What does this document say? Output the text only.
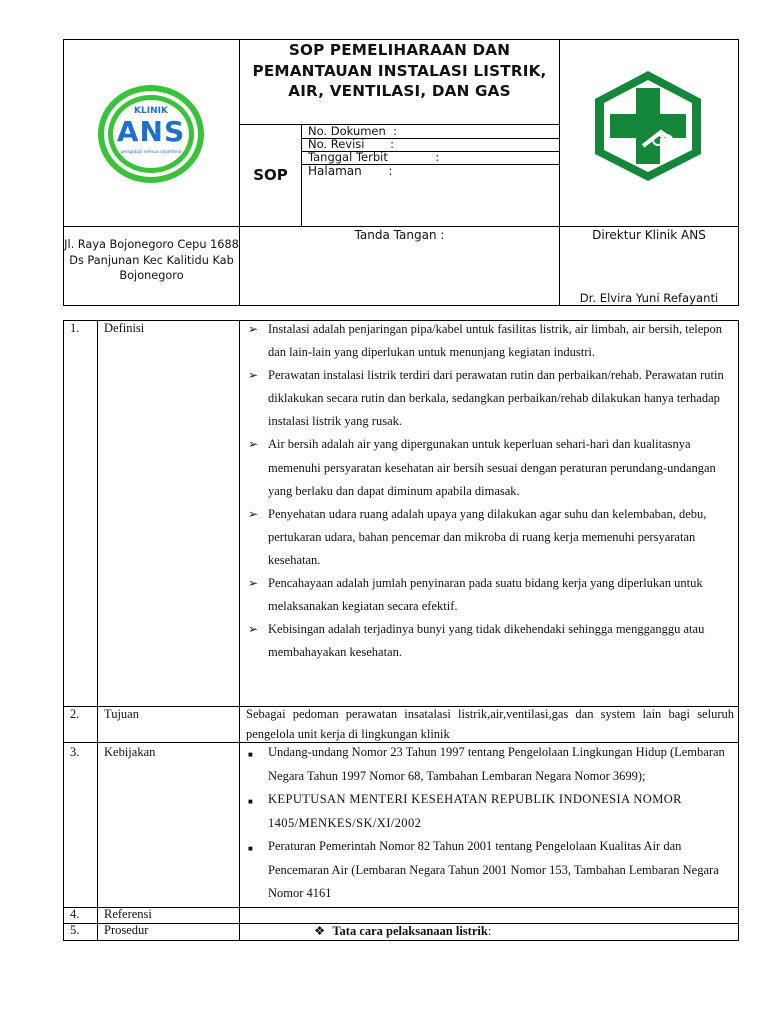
KLINIK
ANS
pengobat semua sejahtera
SOP PEMELIHARAAN DAN PEMANTAUAN INSTALASI LISTRIK, AIR, VENTILASI, DAN GAS
SOP
No. Dokumen  :
No. Revisi       :
Tanggal Terbit             :
Halaman       :
Jl. Raya Bojonegoro Cepu 1688 Ds Panjunan Kec Kalitidu Kab Bojonegoro
Tanda Tangan :	Direktur Klinik ANS
Dr. Elvira Yuni Refayanti
1.	Definisi	➢ Instalasi adalah penjaringan pipa/kabel untuk fasilitas listrik, air limbah, air bersih, telepon dan lain-lain yang diperlukan untuk menunjang kegiatan industri.

➢ Perawatan instalasi listrik terdiri dari perawatan rutin dan perbaikan/rehab. Perawatan rutin diklakukan secara rutin dan berkala, sedangkan perbaikan/rehab dilakukan hanya terhadap instalasi listrik yang rusak.

➢ Air bersih adalah air yang dipergunakan untuk keperluan sehari-hari dan kualitasnya memenuhi persyaratan kesehatan air bersih sesuai dengan peraturan perundang-undangan yang berlaku dan dapat diminum apabila dimasak.

➢ Penyehatan udara ruang adalah upaya yang dilakukan agar suhu dan kelembaban, debu, pertukaran udara, bahan pencemar dan mikroba di ruang kerja memenuhi persyaratan kesehatan.

➢ Pencahayaan adalah jumlah penyinaran pada suatu bidang kerja yang diperlukan untuk melaksanakan kegiatan secara efektif.

➢ Kebisingan adalah terjadinya bunyi yang tidak dikehendaki sehingga mengganggu atau membahayakan kesehatan.

2.	Tujuan	Sebagai pedoman perawatan insatalasi listrik,air,ventilasi,gas dan system lain bagi seluruh pengelola unit kerja di lingkungan klinik
3.	Kebijakan	■ Undang-undang Nomor 23 Tahun 1997 tentang Pengelolaan Lingkungan Hidup (Lembaran Negara Tahun 1997 Nomor 68, Tambahan Lembaran Negara Nomor 3699);

■ KEPUTUSAN MENTERI KESEHATAN REPUBLIK INDONESIA NOMOR 1405/MENKES/SK/XI/2002

■ Peraturan Pemerintah Nomor 82 Tahun 2001 tentang Pengelolaan Kualitas Air dan Pencemaran Air (Lembaran Negara Tahun 2001 Nomor 153, Tambahan Lembaran Negara Nomor 4161

4.	Referensi
5.	Prosedur	❖ Tata cara pelaksanaan listrik:
